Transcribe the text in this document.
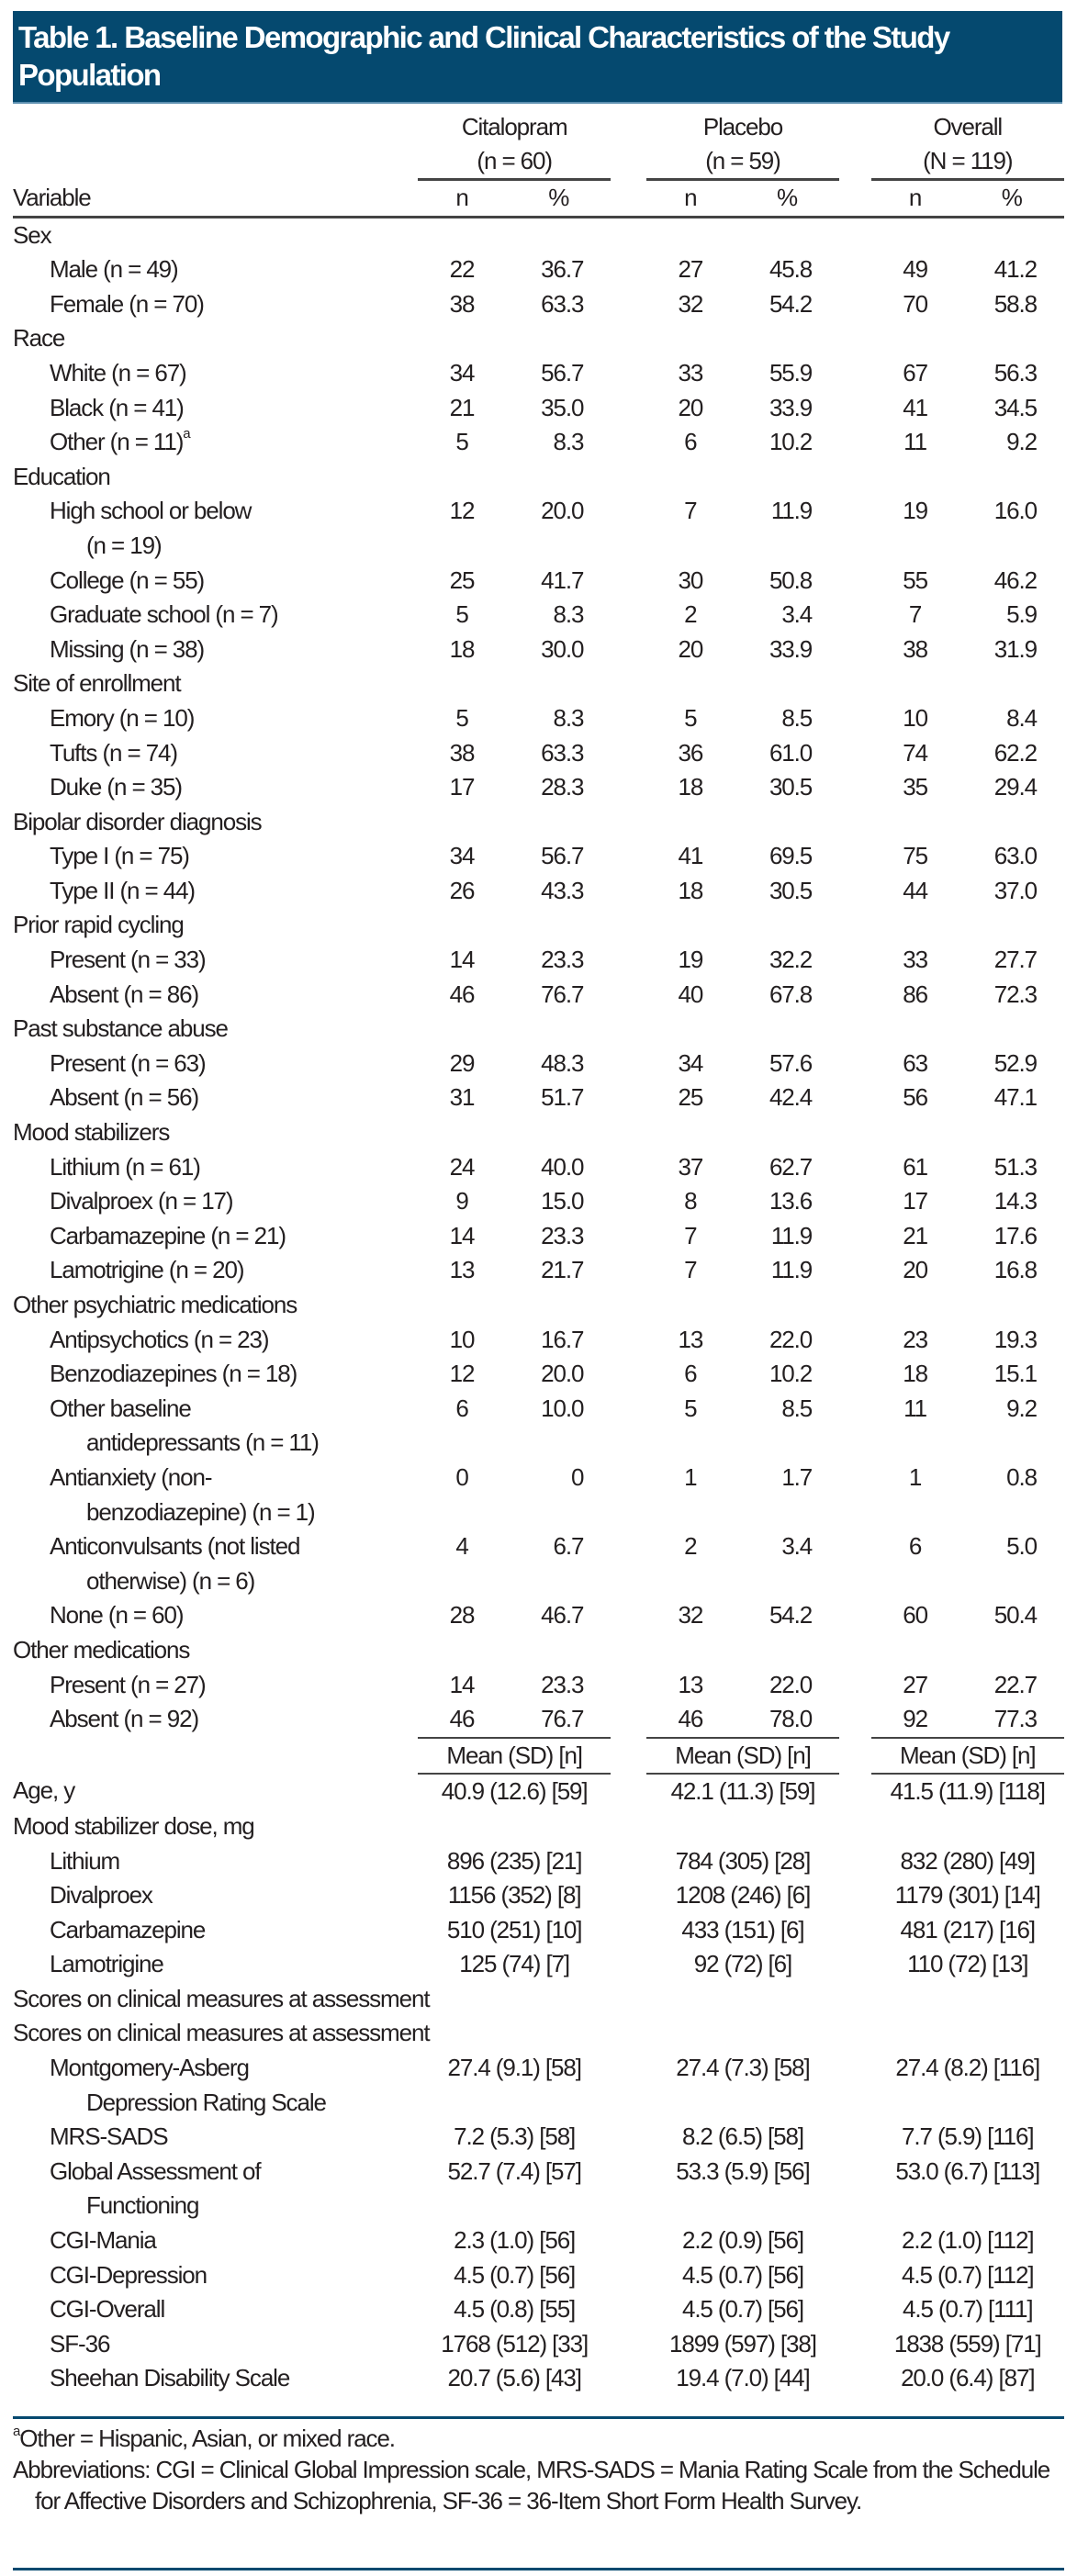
Table 1. Baseline Demographic and Clinical Characteristics of the Study Population
	Citalopram			Placebo			Overall	
	(n = 60)			(n = 59)			(N = 119)	

Variable	n	%		n	%		n	%

Sex								

Male (n = 49)	22	36.7		27	45.8		49	41.2

Female (n = 70)	38	63.3		32	54.2		70	58.8

Race								

White (n = 67)	34	56.7		33	55.9		67	56.3

Black (n = 41)	21	35.0		20	33.9		41	34.5

Other (n = 11)$^a$	5	8.3		6	10.2		11	9.2

Education								

High school or below
(n = 19)	12	20.0		7	11.9		19	16.0

College (n = 55)	25	41.7		30	50.8		55	46.2

Graduate school (n = 7)	5	8.3		2	3.4		7	5.9

Missing (n = 38)	18	30.0		20	33.9		38	31.9

Site of enrollment								

Emory (n = 10)	5	8.3		5	8.5		10	8.4

Tufts (n = 74)	38	63.3		36	61.0		74	62.2

Duke (n = 35)	17	28.3		18	30.5		35	29.4

Bipolar disorder diagnosis								

Type I (n = 75)	34	56.7		41	69.5		75	63.0

Type II (n = 44)	26	43.3		18	30.5		44	37.0

Prior rapid cycling								

Present (n = 33)	14	23.3		19	32.2		33	27.7

Absent (n = 86)	46	76.7		40	67.8		86	72.3

Past substance abuse								

Present (n = 63)	29	48.3		34	57.6		63	52.9

Absent (n = 56)	31	51.7		25	42.4		56	47.1

Mood stabilizers								

Lithium (n = 61)	24	40.0		37	62.7		61	51.3

Divalproex (n = 17)	9	15.0		8	13.6		17	14.3

Carbamazepine (n = 21)	14	23.3		7	11.9		21	17.6

Lamotrigine (n = 20)	13	21.7		7	11.9		20	16.8

Other psychiatric medications								

Antipsychotics (n = 23)	10	16.7		13	22.0		23	19.3

Benzodiazepines (n = 18)	12	20.0		6	10.2		18	15.1

Other baseline
antidepressants (n = 11)	6	10.0		5	8.5		11	9.2

Antianxiety (non-
benzodiazepine) (n = 1)	0	0		1	1.7		1	0.8

Anticonvulsants (not listed
otherwise) (n = 6)	4	6.7		2	3.4		6	5.0

None (n = 60)	28	46.7		32	54.2		60	50.4

Other medications								

Present (n = 27)	14	23.3		13	22.0		27	22.7

Absent (n = 92)	46	76.7		46	78.0		92	77.3
	Mean (SD) [n]			Mean (SD) [n]			Mean (SD) [n]	
Age, y	40.9 (12.6) [59]			42.1 (11.3) [59]			41.5 (11.9) [118]	

Mood stabilizer dose, mg								

Lithium	896 (235) [21]			784 (305) [28]			832 (280) [49]	

Divalproex	1156 (352) [8]			1208 (246) [6]			1179 (301) [14]	

Carbamazepine	510 (251) [10]			433 (151) [6]			481 (217) [16]	

Lamotrigine	125 (74) [7]			92 (72) [6]			110 (72) [13]	

Scores on clinical measures at assessment
Scores on clinical measures at assessment								

Montgomery-Asberg
Depression Rating Scale	27.4 (9.1) [58]			27.4 (7.3) [58]			27.4 (8.2) [116]	

MRS-SADS	7.2 (5.3) [58]			8.2 (6.5) [58]			7.7 (5.9) [116]	

Global Assessment of
Functioning	52.7 (7.4) [57]			53.3 (5.9) [56]			53.0 (6.7) [113]	

CGI-Mania	2.3 (1.0) [56]			2.2 (0.9) [56]			2.2 (1.0) [112]	

CGI-Depression	4.5 (0.7) [56]			4.5 (0.7) [56]			4.5 (0.7) [112]	

CGI-Overall	4.5 (0.8) [55]			4.5 (0.7) [56]			4.5 (0.7) [111]	

SF-36	1768 (512) [33]			1899 (597) [38]			1838 (559) [71]	

Sheehan Disability Scale	20.7 (5.6) [43]			19.4 (7.0) [44]			20.0 (6.4) [87]	

$^a$Other = Hispanic, Asian, or mixed race.

Abbreviations: CGI = Clinical Global Impression scale, MRS-SADS = Mania Rating Scale from the Schedule for Affective Disorders and Schizophrenia, SF-36 = 36-Item Short Form Health Survey.
